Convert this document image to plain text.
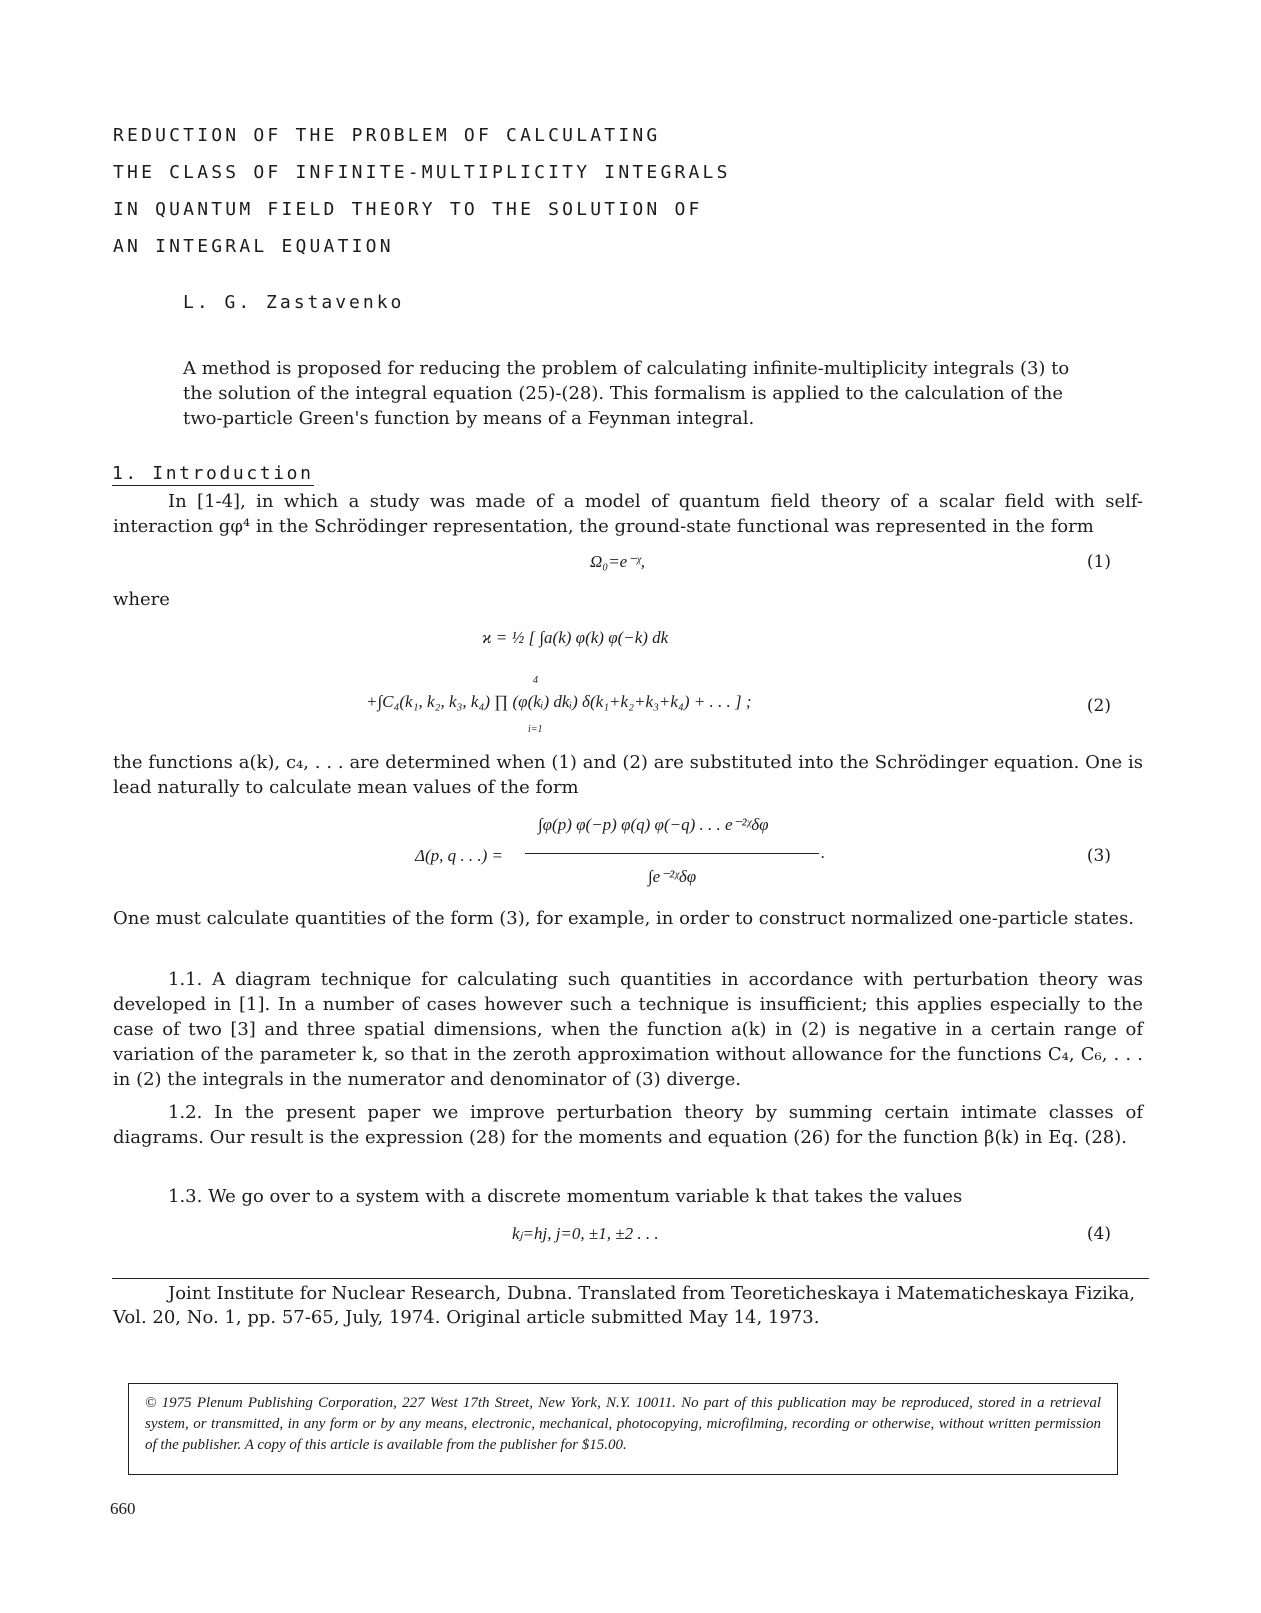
REDUCTION OF THE PROBLEM OF CALCULATING
THE CLASS OF INFINITE-MULTIPLICITY INTEGRALS
IN QUANTUM FIELD THEORY TO THE SOLUTION OF
AN INTEGRAL EQUATION
L. G. Zastavenko
A method is proposed for reducing the problem of calculating infinite-multiplicity integrals (3) to the solution of the integral equation (25)-(28). This formalism is applied to the calculation of the two-particle Green's function by means of a Feynman integral.
1. Introduction
In [1-4], in which a study was made of a model of quantum field theory of a scalar field with self-interaction gφ⁴ in the Schrödinger representation, the ground-state functional was represented in the form
Ω₀=e⁻ᵡ,	(1)
where
ϰ = ½ [ ∫a(k) φ(k) φ(−k) dk
+∫C₄(k₁, k₂, k₃, k₄) ∏ (φ(kᵢ) dkᵢ) δ(k₁+k₂+k₃+k₄) + . . . ] ;
4
i=1
(2)
the functions a(k), c₄, . . . are determined when (1) and (2) are substituted into the Schrödinger equation. One is lead naturally to calculate mean values of the form
Δ(p, q . . .) =
∫φ(p) φ(−p) φ(q) φ(−q) . . . e⁻²ᵡδφ
∫e⁻²ᵡδφ
.	(3)
One must calculate quantities of the form (3), for example, in order to construct normalized one-particle states.
1.1. A diagram technique for calculating such quantities in accordance with perturbation theory was developed in [1]. In a number of cases however such a technique is insufficient; this applies especially to the case of two [3] and three spatial dimensions, when the function a(k) in (2) is negative in a certain range of variation of the parameter k, so that in the zeroth approximation without allowance for the functions C₄, C₆, . . . in (2) the integrals in the numerator and denominator of (3) diverge.
1.2. In the present paper we improve perturbation theory by summing certain intimate classes of diagrams. Our result is the expression (28) for the moments and equation (26) for the function β(k) in Eq. (28).
1.3. We go over to a system with a discrete momentum variable k that takes the values
kⱼ=hj, j=0, ±1, ±2 . . .	(4)
Joint Institute for Nuclear Research, Dubna. Translated from Teoreticheskaya i Matematicheskaya Fizika, Vol. 20, No. 1, pp. 57-65, July, 1974. Original article submitted May 14, 1973.
© 1975 Plenum Publishing Corporation, 227 West 17th Street, New York, N.Y. 10011. No part of this publication may be reproduced, stored in a retrieval system, or transmitted, in any form or by any means, electronic, mechanical, photocopying, microfilming, recording or otherwise, without written permission of the publisher. A copy of this article is available from the publisher for $15.00.
660
